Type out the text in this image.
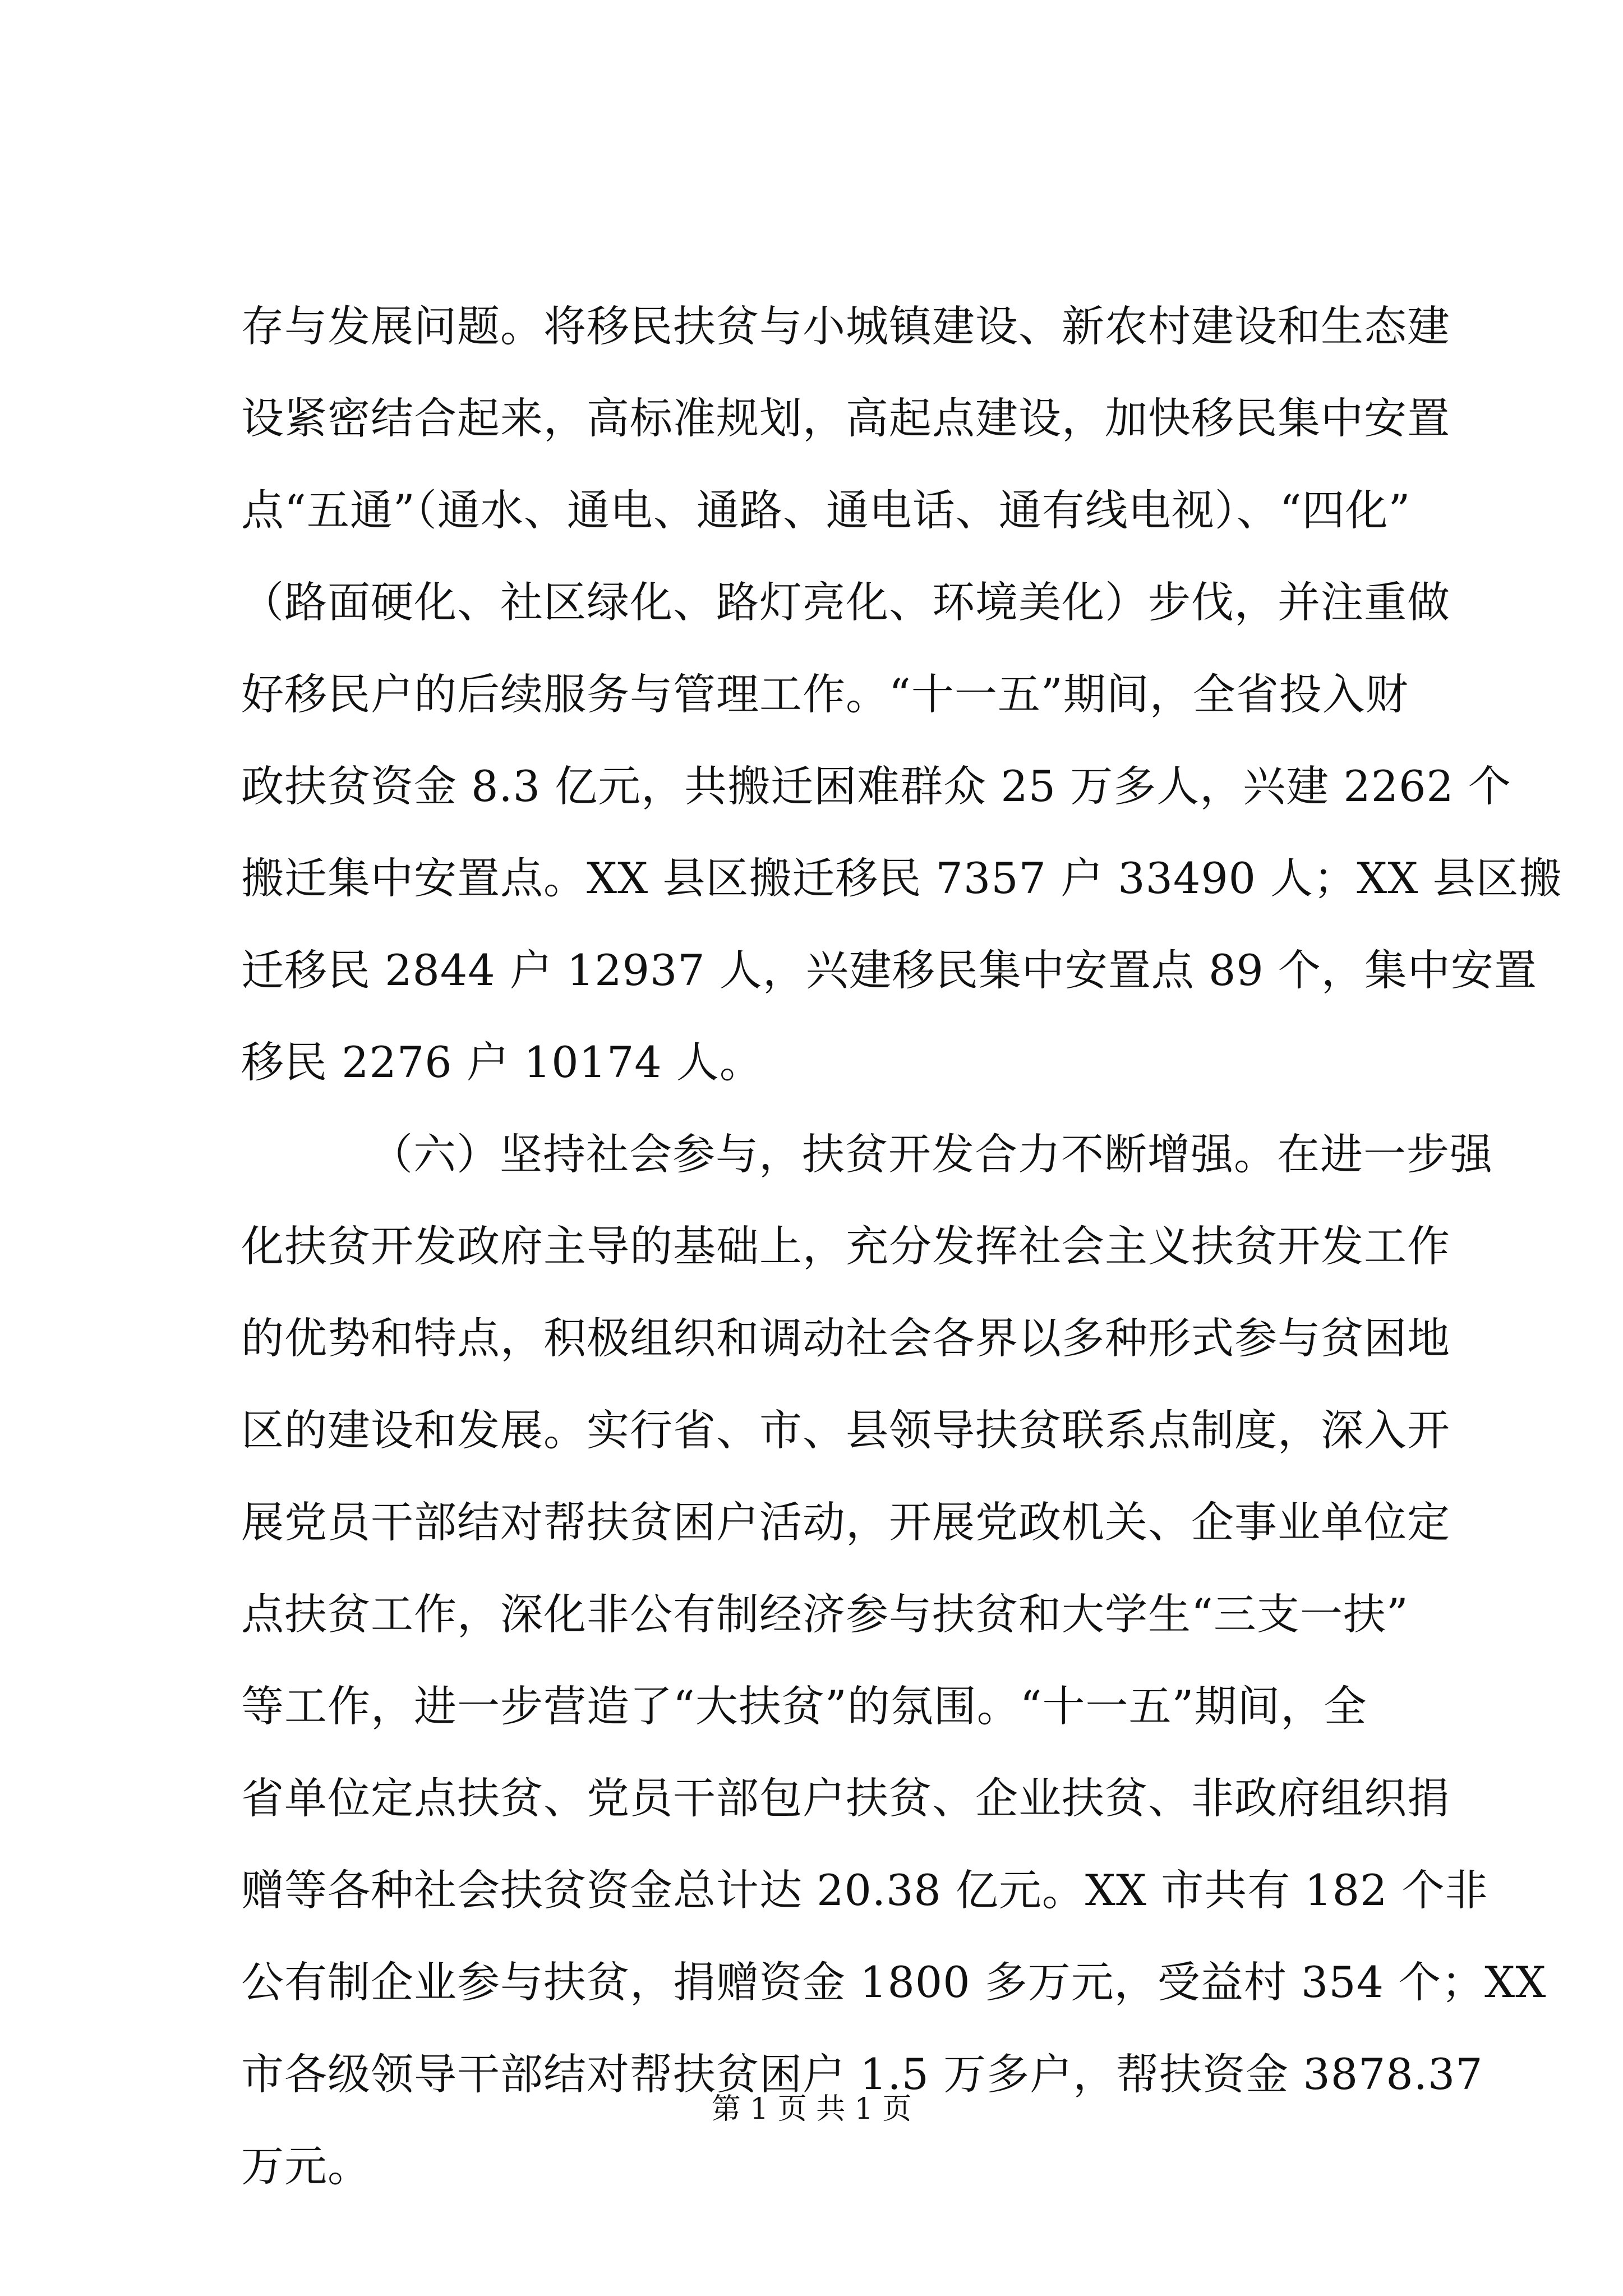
存与发展问题。将移民扶贫与小城镇建设、新农村建设和生态建
设紧密结合起来，高标准规划，高起点建设，加快移民集中安置
点“五通”（通水、通电、通路、通电话、通有线电视）、“四化”
（路面硬化、社区绿化、路灯亮化、环境美化）步伐，并注重做
好移民户的后续服务与管理工作。“十一五”期间，全省投入财
政扶贫资金 8.3 亿元，共搬迁困难群众 25 万多人，兴建 2262 个
搬迁集中安置点。XX 县区搬迁移民 7357 户 33490 人；XX 县区搬
迁移民 2844 户 12937 人，兴建移民集中安置点 89 个，集中安置
移民 2276 户 10174 人。
（六）坚持社会参与，扶贫开发合力不断增强。在进一步强
化扶贫开发政府主导的基础上，充分发挥社会主义扶贫开发工作
的优势和特点，积极组织和调动社会各界以多种形式参与贫困地
区的建设和发展。实行省、市、县领导扶贫联系点制度，深入开
展党员干部结对帮扶贫困户活动，开展党政机关、企事业单位定
点扶贫工作，深化非公有制经济参与扶贫和大学生“三支一扶”
等工作，进一步营造了“大扶贫”的氛围。“十一五”期间，全
省单位定点扶贫、党员干部包户扶贫、企业扶贫、非政府组织捐
赠等各种社会扶贫资金总计达 20.38 亿元。XX 市共有 182 个非
公有制企业参与扶贫，捐赠资金 1800 多万元，受益村 354 个；XX
市各级领导干部结对帮扶贫困户 1.5 万多户，帮扶资金 3878.37
万元。
第 1 页 共 1 页
